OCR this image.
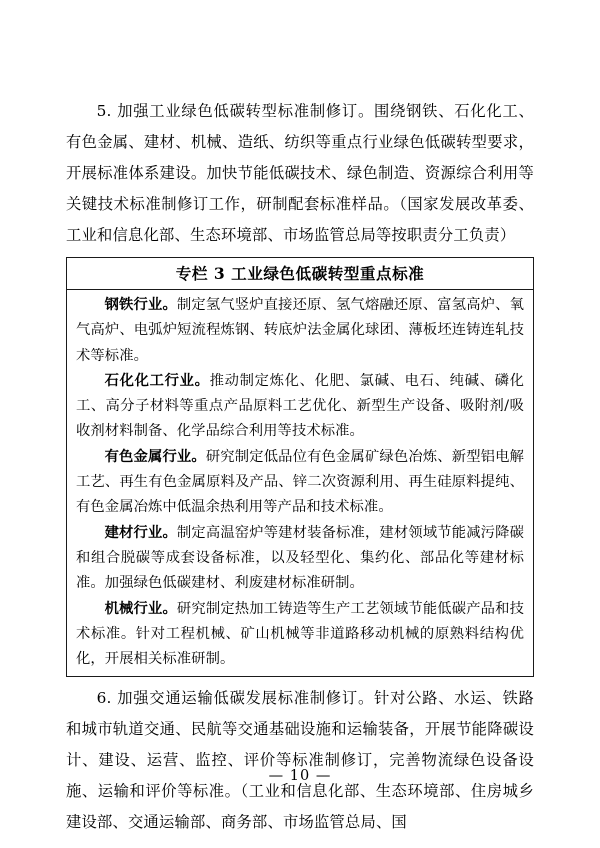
5. 加强工业绿色低碳转型标准制修订。围绕钢铁、石化化工、有色金属、建材、机械、造纸、纺织等重点行业绿色低碳转型要求，开展标准体系建设。加快节能低碳技术、绿色制造、资源综合利用等关键技术标准制修订工作，研制配套标准样品。（国家发展改革委、工业和信息化部、生态环境部、市场监管总局等按职责分工负责）

专栏 3 工业绿色低碳转型重点标准

钢铁行业。制定氢气竖炉直接还原、氢气熔融还原、富氢高炉、氧气高炉、电弧炉短流程炼钢、转底炉法金属化球团、薄板坯连铸连轧技术等标准。

石化化工行业。推动制定炼化、化肥、氯碱、电石、纯碱、磷化工、高分子材料等重点产品原料工艺优化、新型生产设备、吸附剂/吸收剂材料制备、化学品综合利用等技术标准。

有色金属行业。研究制定低品位有色金属矿绿色冶炼、新型铝电解工艺、再生有色金属原料及产品、锌二次资源利用、再生硅原料提纯、有色金属冶炼中低温余热利用等产品和技术标准。

建材行业。制定高温窑炉等建材装备标准，建材领域节能减污降碳和组合脱碳等成套设备标准，以及轻型化、集约化、部品化等建材标准。加强绿色低碳建材、利废建材标准研制。

机械行业。研究制定热加工铸造等生产工艺领域节能低碳产品和技术标准。针对工程机械、矿山机械等非道路移动机械的原熟料结构优化，开展相关标准研制。

6. 加强交通运输低碳发展标准制修订。针对公路、水运、铁路和城市轨道交通、民航等交通基础设施和运输装备，开展节能降碳设计、建设、运营、监控、评价等标准制修订，完善物流绿色设备设施、运输和评价等标准。（工业和信息化部、生态环境部、住房城乡建设部、交通运输部、商务部、市场监管总局、国

— 10 —
